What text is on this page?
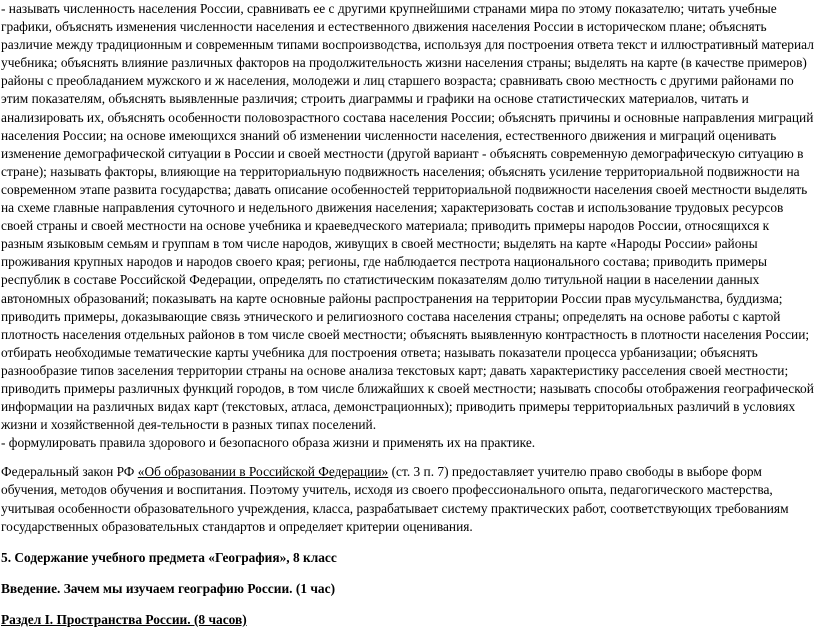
- называть численность населения России, сравнивать ее с другими крупнейшими странами мира по этому показателю; читать учебные графики, объяснять изменения численности населения и естественного движения населения России в историческом плане; объяснять различие между традиционным и современным типами воспроизводства, используя для построения ответа текст и иллюстративный материал учебника; объяснять влияние различных факторов на продолжительность жизни населения страны; выделять на карте (в качестве примеров) районы с преобладанием мужского и ж населения, молодежи и лиц старшего возраста; сравнивать свою местность с другими районами по этим показателям, объяснять выявленные различия; строить диаграммы и графики на основе статистических материалов, читать и анализировать их, объяснять особенности половозрастного состава населения России; объяснять причины и основные направления миграций населения России; на основе имеющихся знаний об изменении численности населения, естественного движения и миграций оценивать изменение демографической ситуации в России и своей местности (другой вариант - объяснять современную демографическую ситуацию в стране); называть факторы, влияющие на территориальную подвижность населения; объяснять усиление территориальной подвижности на современном этапе развита государства; давать описание особенностей территориальной подвижности населения своей местности выделять на схеме главные направления суточного и недельного движения населения; характеризовать состав и использование трудовых ресурсов своей страны и своей местности на основе учебника и краеведческого материала; приводить примеры народов России, относящихся к разным языковым семьям и группам в том числе народов, живущих в своей местности; выделять на карте «Народы России» районы проживания крупных народов и народов своего края; регионы, где наблюдается пестрота национального состава; приводить примеры республик в составе Российской Федерации, определять по статистическим показателям долю титульной нации в населении данных автономных образований; показывать на карте основные районы распространения на территории России прав мусульманства, буддизма; приводить примеры, доказывающие связь этнического и религиозного состава населения страны; определять на основе работы с картой плотность населения отдельных районов в том числе своей местности; объяснять выявленную контрастность в плотности населения России; отбирать необходимые тематические карты учебника для построения ответа; называть показатели процесса урбанизации; объяснять разнообразие типов заселения территории страны на основе анализа текстовых карт; давать характеристику расселения своей местности; приводить примеры различных функций городов, в том числе ближайших к своей местности; называть способы отображения географической информации на различных видах карт (текстовых, атласа, демонстрационных); приводить примеры территориальных различий в условиях жизни и хозяйственной дея-тельности в разных типах поселений.

- формулировать правила здорового и безопасного образа жизни и применять их на практике.

Федеральный закон РФ «Об образовании в Российской Федерации» (ст. 3 п. 7) предоставляет учителю право свободы в выборе форм обучения, методов обучения и воспитания. Поэтому учитель, исходя из своего профессионального опыта, педагогического мастерства, учитывая особенности образовательного учреждения, класса, разрабатывает систему практических работ, соответствующих требованиям государственных образовательных стандартов и определяет критерии оценивания.

5. Содержание учебного предмета «География», 8 класс

Введение. Зачем мы изучаем географию России. (1 час)

Раздел I. Пространства России. (8 часов)
